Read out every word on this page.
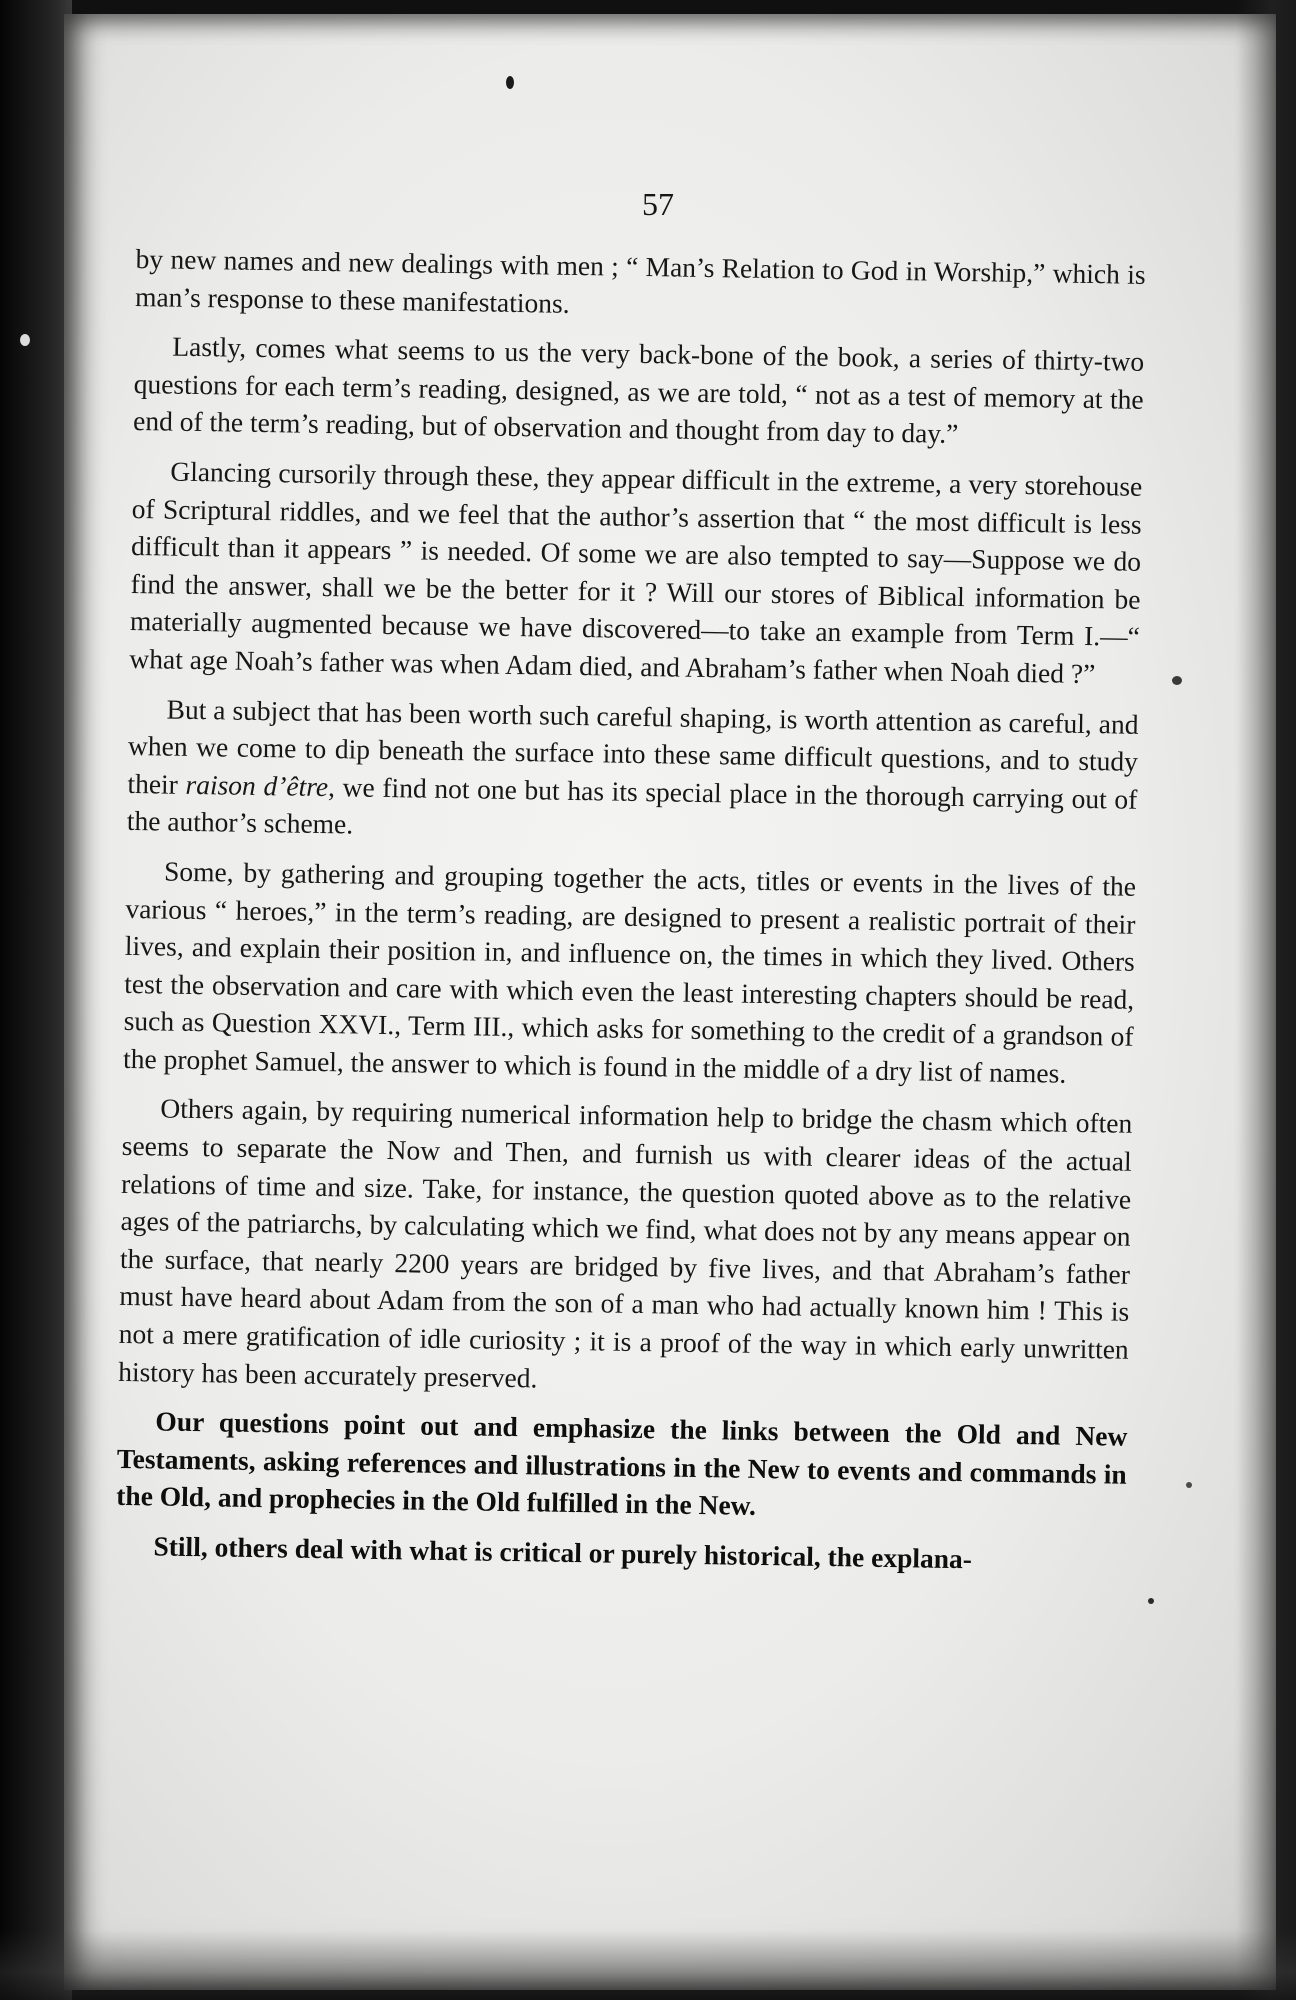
57

by new names and new dealings with men ; “ Man’s Relation to God in Worship,” which is man’s response to these manifestations.

Lastly, comes what seems to us the very back-bone of the book, a series of thirty-two questions for each term’s reading, designed, as we are told, “ not as a test of memory at the end of the term’s reading, but of observation and thought from day to day.”

Glancing cursorily through these, they appear difficult in the extreme, a very storehouse of Scriptural riddles, and we feel that the author’s assertion that “ the most difficult is less difficult than it appears ” is needed. Of some we are also tempted to say—Suppose we do find the answer, shall we be the better for it ? Will our stores of Biblical information be materially augmented because we have discovered—to take an example from Term I.—“ what age Noah’s father was when Adam died, and Abraham’s father when Noah died ?”

But a subject that has been worth such careful shaping, is worth attention as careful, and when we come to dip beneath the surface into these same difficult questions, and to study their raison d’être, we find not one but has its special place in the thorough carrying out of the author’s scheme.

Some, by gathering and grouping together the acts, titles or events in the lives of the various “ heroes,” in the term’s reading, are designed to present a realistic portrait of their lives, and explain their position in, and influence on, the times in which they lived. Others test the observation and care with which even the least interesting chapters should be read, such as Question XXVI., Term III., which asks for something to the credit of a grandson of the prophet Samuel, the answer to which is found in the middle of a dry list of names.

Others again, by requiring numerical information help to bridge the chasm which often seems to separate the Now and Then, and furnish us with clearer ideas of the actual relations of time and size. Take, for instance, the question quoted above as to the relative ages of the patriarchs, by calculating which we find, what does not by any means appear on the surface, that nearly 2200 years are bridged by five lives, and that Abraham’s father must have heard about Adam from the son of a man who had actually known him ! This is not a mere gratification of idle curiosity ; it is a proof of the way in which early unwritten history has been accurately preserved.

Our questions point out and emphasize the links between the Old and New Testaments, asking references and illustrations in the New to events and commands in the Old, and prophecies in the Old fulfilled in the New.

Still, others deal with what is critical or purely historical, the explana-
